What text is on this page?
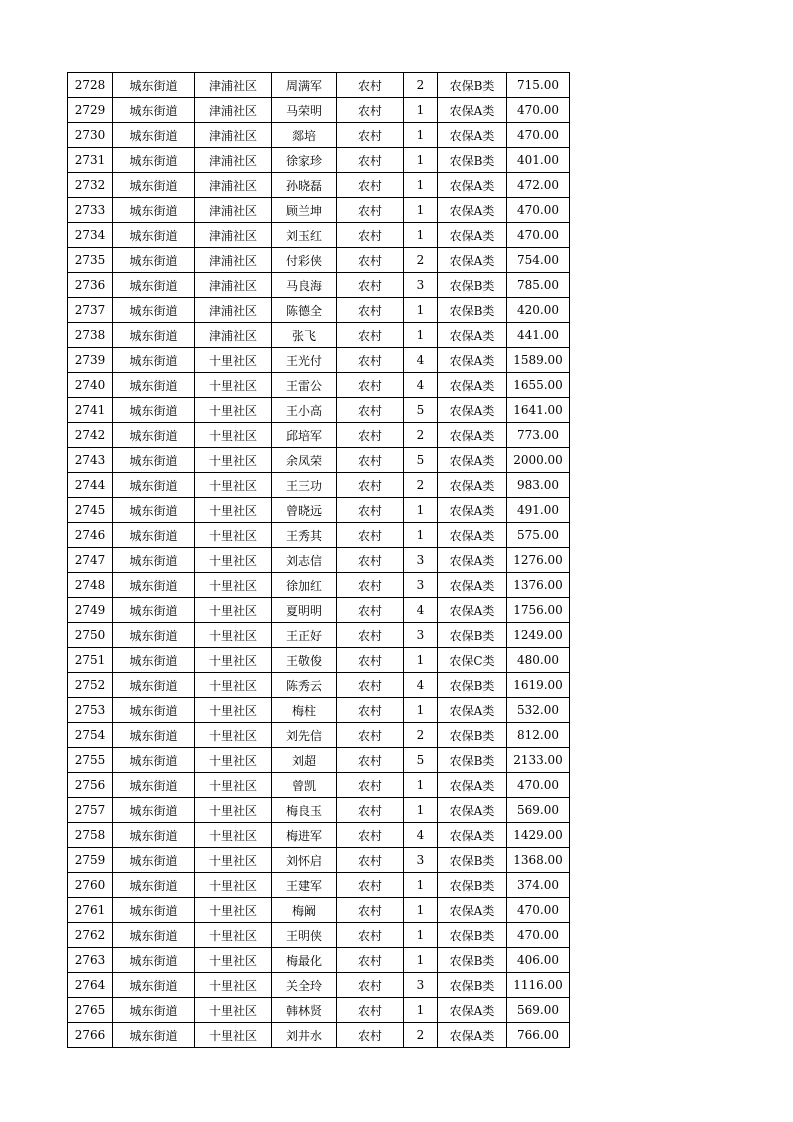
2728	城东街道	津浦社区	周满军	农村	2	农保B类	715.00
2729	城东街道	津浦社区	马荣明	农村	1	农保A类	470.00
2730	城东街道	津浦社区	郯培	农村	1	农保A类	470.00
2731	城东街道	津浦社区	徐家珍	农村	1	农保B类	401.00
2732	城东街道	津浦社区	孙晓磊	农村	1	农保A类	472.00
2733	城东街道	津浦社区	顾兰坤	农村	1	农保A类	470.00
2734	城东街道	津浦社区	刘玉红	农村	1	农保A类	470.00
2735	城东街道	津浦社区	付彩侠	农村	2	农保A类	754.00
2736	城东街道	津浦社区	马良海	农村	3	农保B类	785.00
2737	城东街道	津浦社区	陈德全	农村	1	农保B类	420.00
2738	城东街道	津浦社区	张飞	农村	1	农保A类	441.00
2739	城东街道	十里社区	王光付	农村	4	农保A类	1589.00
2740	城东街道	十里社区	王雷公	农村	4	农保A类	1655.00
2741	城东街道	十里社区	王小高	农村	5	农保A类	1641.00
2742	城东街道	十里社区	邱培军	农村	2	农保A类	773.00
2743	城东街道	十里社区	余凤荣	农村	5	农保A类	2000.00
2744	城东街道	十里社区	王三功	农村	2	农保A类	983.00
2745	城东街道	十里社区	曾晓远	农村	1	农保A类	491.00
2746	城东街道	十里社区	王秀其	农村	1	农保A类	575.00
2747	城东街道	十里社区	刘志信	农村	3	农保A类	1276.00
2748	城东街道	十里社区	徐加红	农村	3	农保A类	1376.00
2749	城东街道	十里社区	夏明明	农村	4	农保A类	1756.00
2750	城东街道	十里社区	王正好	农村	3	农保B类	1249.00
2751	城东街道	十里社区	王敬俊	农村	1	农保C类	480.00
2752	城东街道	十里社区	陈秀云	农村	4	农保B类	1619.00
2753	城东街道	十里社区	梅柱	农村	1	农保A类	532.00
2754	城东街道	十里社区	刘先信	农村	2	农保B类	812.00
2755	城东街道	十里社区	刘超	农村	5	农保B类	2133.00
2756	城东街道	十里社区	曾凯	农村	1	农保A类	470.00
2757	城东街道	十里社区	梅良玉	农村	1	农保A类	569.00
2758	城东街道	十里社区	梅进军	农村	4	农保A类	1429.00
2759	城东街道	十里社区	刘怀启	农村	3	农保B类	1368.00
2760	城东街道	十里社区	王建军	农村	1	农保B类	374.00
2761	城东街道	十里社区	梅阚	农村	1	农保A类	470.00
2762	城东街道	十里社区	王明侠	农村	1	农保B类	470.00
2763	城东街道	十里社区	梅最化	农村	1	农保B类	406.00
2764	城东街道	十里社区	关全玲	农村	3	农保B类	1116.00
2765	城东街道	十里社区	韩林贤	农村	1	农保A类	569.00
2766	城东街道	十里社区	刘井水	农村	2	农保A类	766.00
